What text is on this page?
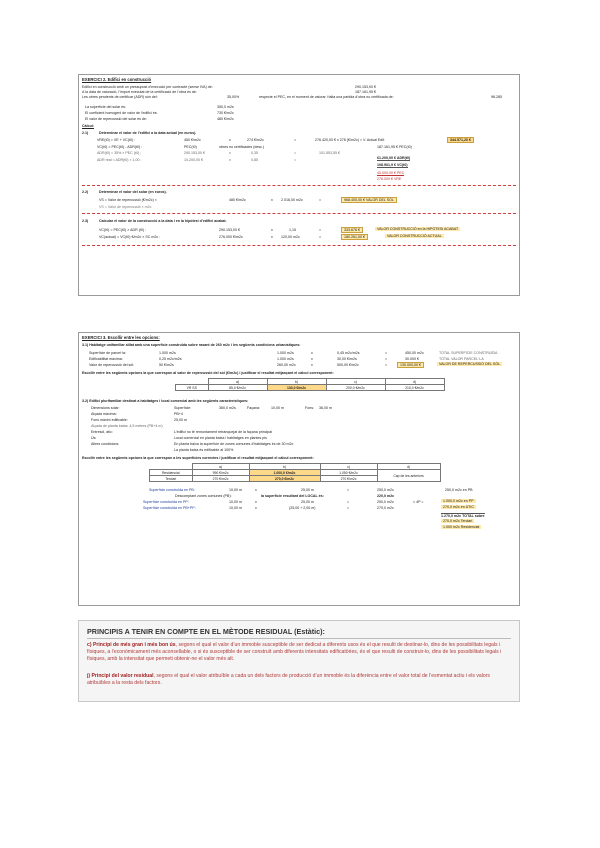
EXERCICI 2. Edifici en construcció
Edifici en construcció amb un pressupost d’execució per contracte (sense IVA) de:	290.153,00 €
A la data de valoració, l’import executat de la certificació de l’obra és de:	187.161,95 €
Les obres pendents de certificar (ADR) són del:	35,00%	respecte el PEC, en el moment de valorar i falta una partida d’obra no certificada de:	98.285
La superfície del solar és:	350,0 m2s
El coeficient homogeni de valor de l’edifici és:	730 €/m2c
El valor de repercussió del solar és de:	480 €/m2c
Càlcul:
2.1)	Determinar el valor de l’edifici a la data actual (en euros).
VRE(t0) = VE + VC(t0) :	450 €/m2c	x	274 €/m2c	=	276.420,00 € x 278 (€/m2c) = V. Actual Edif.	344.571,20 €
VC(t0) = PEC(t0) - ADR(t0) :	PEC(t0)	obres no certificades (desc.)	187.161,95 € PEC(t0)
ADR(t0) = 35% × PEC (t0) ;	290.153,00 €	x	0,35	=	101.553,55 €
ADR real = ADR(t0) × 1,00 :	10.200,00 €	x	0,85	=	61.200,00 € ADR(t0)
108.901,9 € VC(t0)
40.000,00 € PEC
276.000 € VRE
2.2)	Determinar el valor del solar (en euros).
VS = Valor de repercussió (€/m2c) ×	480 €/m2c	x 2.016,00 m2c	=	968.400,00 € VALOR DEL SOL
VS = Valor de repercussió × m2c
2.3)	Calcular el valor de la construcció a la data i en la hipòtesi d’edifici acabat.
VC(t0) = PEC(t0) × ADR (t0) :	290.153,00 €	x	1,15	=	333.676 €	VALOR CONSTRUCCIÓ en la HIPÒTESI ACABAT
VC(actual) = VC(t0) €/m2c × SC m2c :	276.000 €/m2c	x 120,00 m2c	=	180.261,00 €	VALOR CONSTRUCCIÓ ACTUAL
EXERCICI 3. Escollir entre les opcions:
3.1) Habitatge unifamiliar aïllat amb una superfície construïda sobre rasant de 260 m2c i les següents condicions urbanístiques:
Superfície de parcel·la:	1.000 m2s	1.000 m2s	x	0,45 m2c/m2s	=	450,00 m2c	TOTAL SUPERFÍCIE CONSTRUÏDA
Edificabilitat màxima:	0,25 m2c/m2s	1.000 m2s	x	30,00 €/m2s	=	30.000 €	TOTAL VALOR PARCEL·LA
Valor de repercussió del sòl:	50 €/m2s	260,00 m2c	x	500,00 €/m2c	=	130.000,00 €	VALOR DE REPERCUSSIÓ DEL SÒL
Escollir entre les següents opcions la que correspon al valor de repercussió del sòl (€/m2c) i justificar el resultat mitjançant el càlcul corresponent:
	a)	b)	c)	d)
VR SS	85,0 €/m2c	130,0 €/m2c	200,0 €/m2c	210,0 €/m2c
3.2) Edifici plurifamiliar destinat a habitatges i local comercial amb les següents característiques:
Dimensions solar:	Superfície:	360,0 m2s	Façana:	10,00 m	Fons: 36,00 m
Alçada màxima:	PB+4
Fons màxim edificable:	25,00 m
Alçada de planta baixa: 4,5 metres (PB+4 m)
Entresòl, àtic:	L’edifici no té remuntament retranquejat de la façana principal
Ús:	Local comercial en planta baixa i habitatges en plantes pis
Altres condicions:	En planta baixa la superfície de zones comunes d’habitatges és de 30 m2c
La planta baixa és edificable al 100%
Escollir entre les següents opcions la que correspon a les superfícies correctes i justificar el resultat mitjançant el càlcul corresponent:
	a)	b)	c)	d)
Residencial	990 €/m2c	1.000,0 €/m2c	1.050 €/m2c	Cap de les anteriors
Terciari	270 €/m2c	270,0 €/m2c	270 €/m2c	
Superfície construïda en PB:	10,00 m	x	25,00 m	=	250,0 m2c	250,0 m2c en PB
Descomptant zones comunes (PB):	la superfície resultant del LOCAL és:	220,0 m2c
Superfície construïda en PP:	10,00 m	x	25,00 m	=	250,0 m2c	× 4P =	1.000,0 m2c en PP
Superfície construïda en PB+PP:	10,00 m	x	(25,00 + 2,00 m)	=	270,0 m2c	270,0 m2c en ÀTIC
1.270,0 m2c TOTAL sobre
270,0 m2c Terciari
1.000 m2c Residencial
PRINCIPIS A TENIR EN COMPTE EN EL MÈTODE RESIDUAL (Estàtic):
c) Principi de més gran i més bon ús, segons el qual el valor d’un immoble susceptible de ser dedicat a diferents usos és el que resulti de destinar-lo, dins de les possibilitats legals i físiques, a l’econòmicament més aconsellable, o si és susceptible de ser construït amb diferents intensitats edificatòries, és el que resulti de construir-lo, dins de les possibilitats legals i físiques, amb la intensitat que permeti obtenir-ne el valor més alt.
j) Principi del valor residual, segons el qual el valor atribuïble a cada un dels factors de producció d’un immoble és la diferència entre el valor total de l’esmentat actiu i els valors atribuïbles a la resta dels factors.
